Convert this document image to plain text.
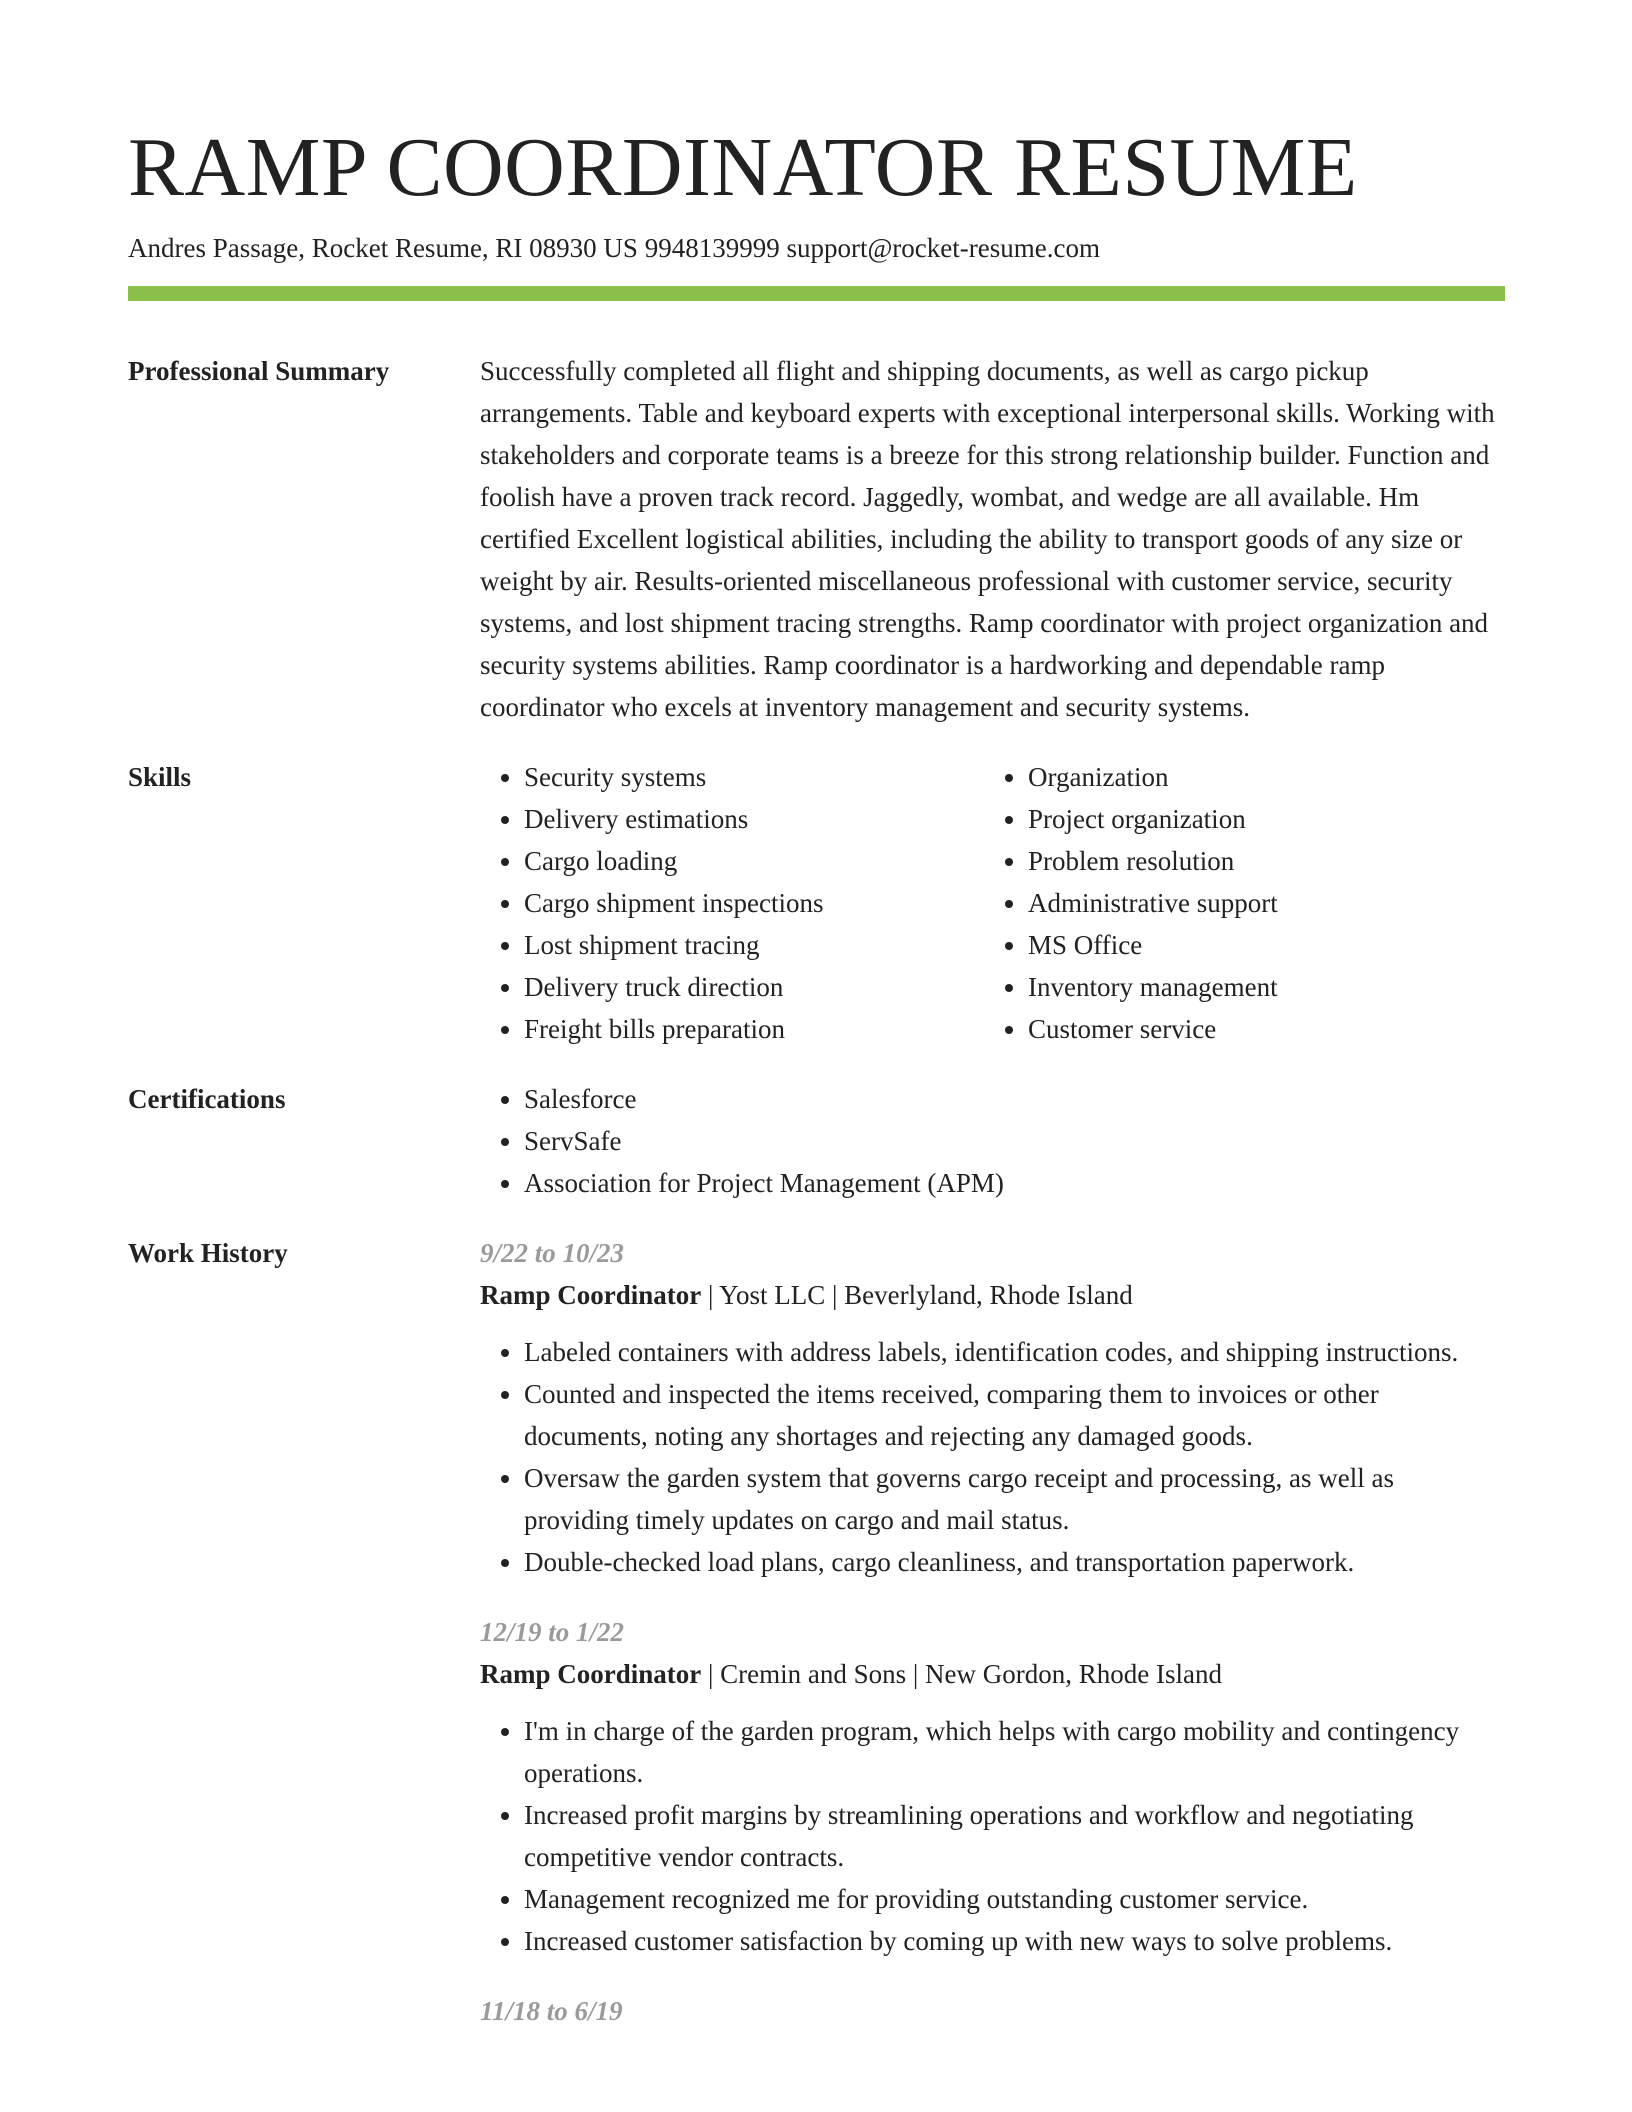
RAMP COORDINATOR RESUME
Andres Passage, Rocket Resume, RI 08930 US 9948139999 support@rocket-resume.com
Professional Summary	Successfully completed all flight and shipping documents, as well as cargo pickup arrangements. Table and keyboard experts with exceptional interpersonal skills. Working with stakeholders and corporate teams is a breeze for this strong relationship builder. Function and foolish have a proven track record. Jaggedly, wombat, and wedge are all available. Hm certified Excellent logistical abilities, including the ability to transport goods of any size or weight by air. Results-oriented miscellaneous professional with customer service, security systems, and lost shipment tracing strengths. Ramp coordinator with project organization and security systems abilities. Ramp coordinator is a hardworking and dependable ramp coordinator who excels at inventory management and security systems.

Skills	• Security systems
• Delivery estimations
• Cargo loading
• Cargo shipment inspections
• Lost shipment tracing
• Delivery truck direction
• Freight bills preparation
• Organization
• Project organization
• Problem resolution
• Administrative support
• MS Office
• Inventory management
• Customer service
Certifications	• Salesforce
• ServSafe
• Association for Project Management (APM)
Work History	9/22 to 10/23
Ramp Coordinator | Yost LLC | Beverlyland, Rhode Island
• Labeled containers with address labels, identification codes, and shipping instructions.
• Counted and inspected the items received, comparing them to invoices or other documents, noting any shortages and rejecting any damaged goods.
• Oversaw the garden system that governs cargo receipt and processing, as well as providing timely updates on cargo and mail status.
• Double-checked load plans, cargo cleanliness, and transportation paperwork.
12/19 to 1/22
Ramp Coordinator | Cremin and Sons | New Gordon, Rhode Island
• I'm in charge of the garden program, which helps with cargo mobility and contingency operations.
• Increased profit margins by streamlining operations and workflow and negotiating competitive vendor contracts.
• Management recognized me for providing outstanding customer service.
• Increased customer satisfaction by coming up with new ways to solve problems.
11/18 to 6/19
